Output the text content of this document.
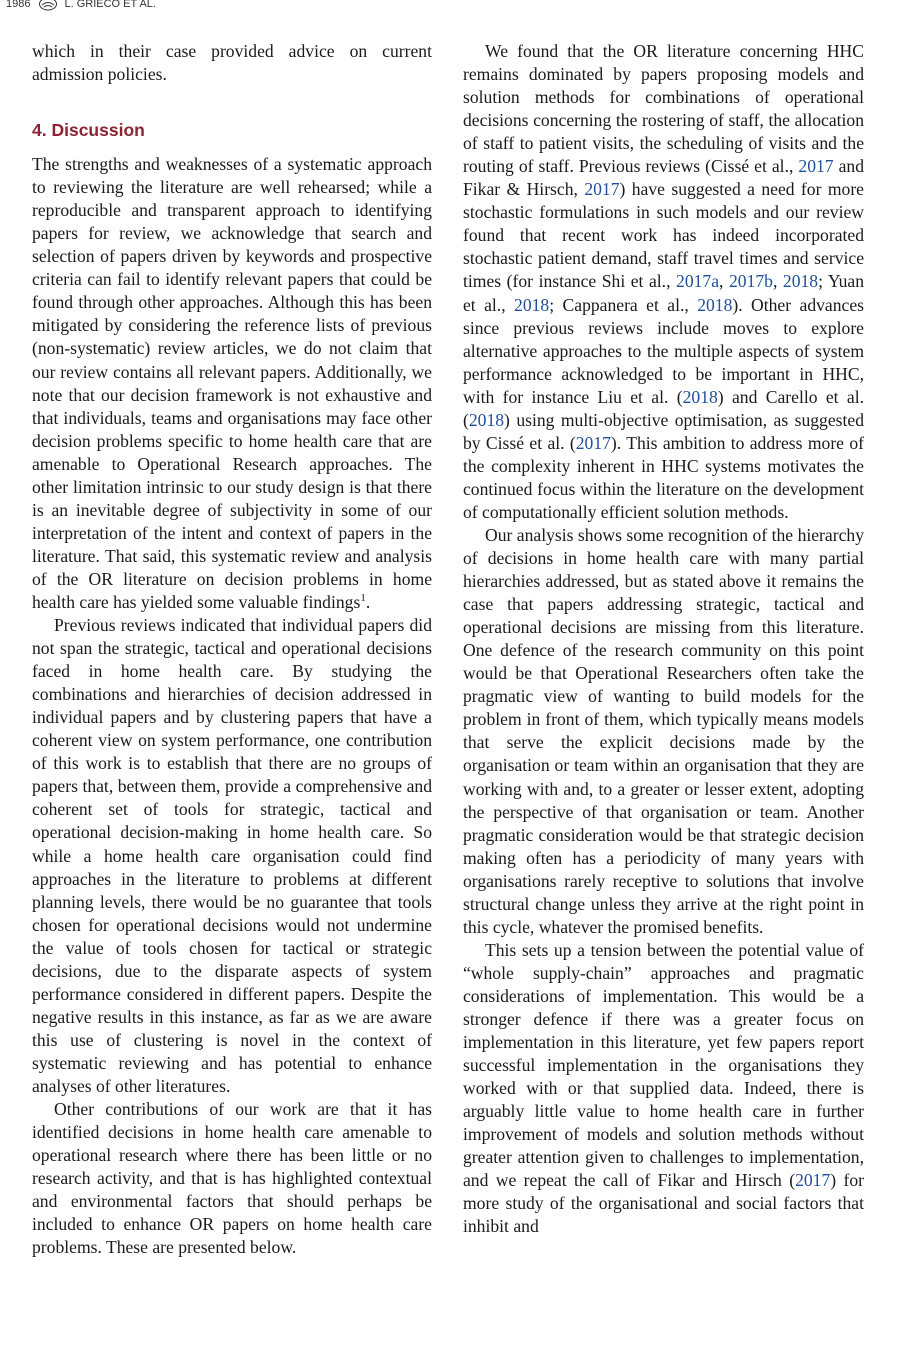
1986	L. GRIECO ET AL.

which in their case provided advice on current admission policies.

4. Discussion

The strengths and weaknesses of a systematic approach to reviewing the literature are well rehearsed; while a reproducible and transparent approach to identifying papers for review, we acknowledge that search and selection of papers driven by keywords and prospective criteria can fail to identify relevant papers that could be found through other approaches. Although this has been mitigated by considering the reference lists of previous (non-systematic) review articles, we do not claim that our review contains all relevant papers. Additionally, we note that our decision framework is not exhaustive and that individuals, teams and organisations may face other decision problems specific to home health care that are amenable to Operational Research approaches. The other limitation intrinsic to our study design is that there is an inevitable degree of subjectivity in some of our interpretation of the intent and context of papers in the literature. That said, this systematic review and analysis of the OR literature on decision problems in home health care has yielded some valuable findings$^1$.

Previous reviews indicated that individual papers did not span the strategic, tactical and operational decisions faced in home health care. By studying the combinations and hierarchies of decision addressed in individual papers and by clustering papers that have a coherent view on system performance, one contribution of this work is to establish that there are no groups of papers that, between them, provide a comprehensive and coherent set of tools for strategic, tactical and operational decision-making in home health care. So while a home health care organisation could find approaches in the literature to problems at different planning levels, there would be no guarantee that tools chosen for operational decisions would not undermine the value of tools chosen for tactical or strategic decisions, due to the disparate aspects of system performance considered in different papers. Despite the negative results in this instance, as far as we are aware this use of clustering is novel in the context of systematic reviewing and has potential to enhance analyses of other literatures.

Other contributions of our work are that it has identified decisions in home health care amenable to operational research where there has been little or no research activity, and that is has highlighted contextual and environmental factors that should perhaps be included to enhance OR papers on home health care problems. These are presented below.

We found that the OR literature concerning HHC remains dominated by papers proposing models and solution methods for combinations of operational decisions concerning the rostering of staff, the allocation of staff to patient visits, the scheduling of visits and the routing of staff. Previous reviews (Cissé et al., 2017 and Fikar & Hirsch, 2017) have suggested a need for more stochastic formulations in such models and our review found that recent work has indeed incorporated stochastic patient demand, staff travel times and service times (for instance Shi et al., 2017a, 2017b, 2018; Yuan et al., 2018; Cappanera et al., 2018). Other advances since previous reviews include moves to explore alternative approaches to the multiple aspects of system performance acknowledged to be important in HHC, with for instance Liu et al. (2018) and Carello et al. (2018) using multi-objective optimisation, as suggested by Cissé et al. (2017). This ambition to address more of the complexity inherent in HHC systems motivates the continued focus within the literature on the development of computationally efficient solution methods.

Our analysis shows some recognition of the hierarchy of decisions in home health care with many partial hierarchies addressed, but as stated above it remains the case that papers addressing strategic, tactical and operational decisions are missing from this literature. One defence of the research community on this point would be that Operational Researchers often take the pragmatic view of wanting to build models for the problem in front of them, which typically means models that serve the explicit decisions made by the organisation or team within an organisation that they are working with and, to a greater or lesser extent, adopting the perspective of that organisation or team. Another pragmatic consideration would be that strategic decision making often has a periodicity of many years with organisations rarely receptive to solutions that involve structural change unless they arrive at the right point in this cycle, whatever the promised benefits.

This sets up a tension between the potential value of “whole supply-chain” approaches and pragmatic considerations of implementation. This would be a stronger defence if there was a greater focus on implementation in this literature, yet few papers report successful implementation in the organisations they worked with or that supplied data. Indeed, there is arguably little value to home health care in further improvement of models and solution methods without greater attention given to challenges to implementation, and we repeat the call of Fikar and Hirsch (2017) for more study of the organisational and social factors that inhibit and
